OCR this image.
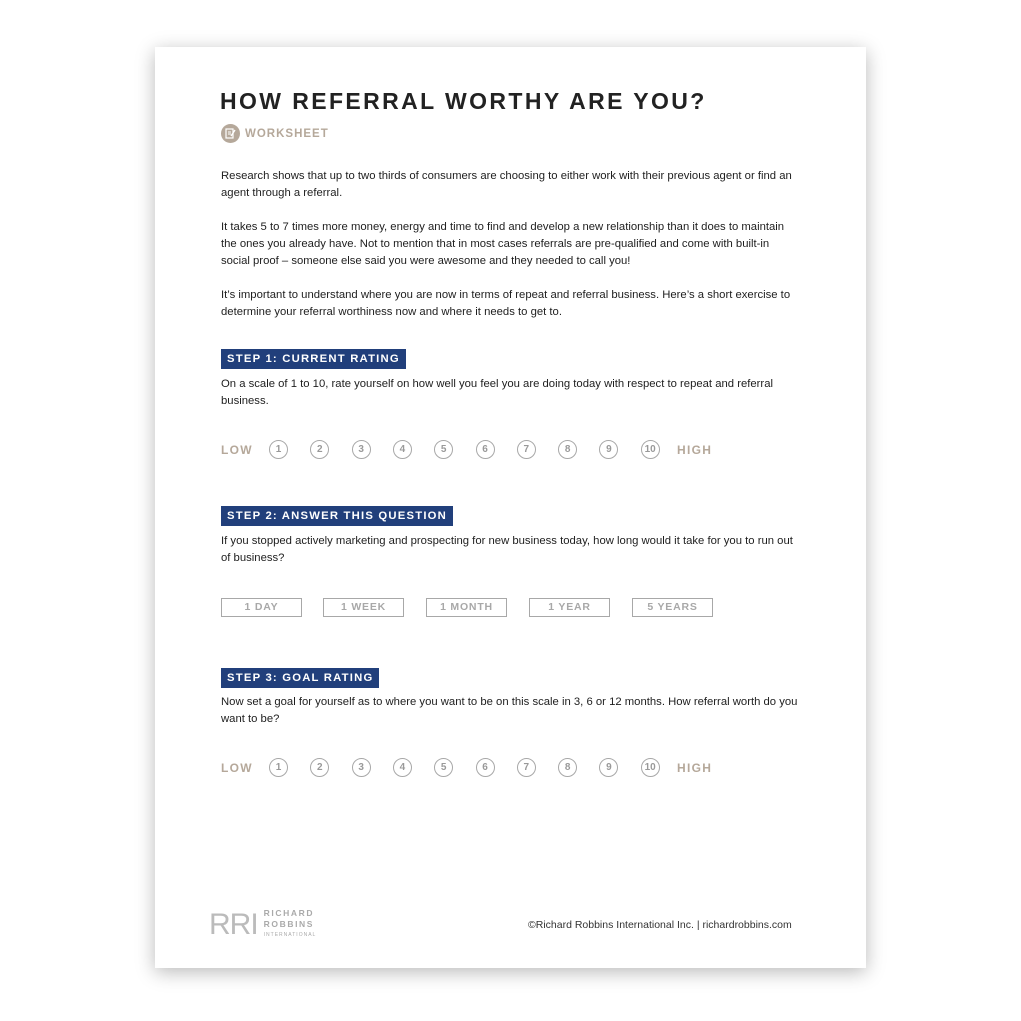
HOW REFERRAL WORTHY ARE YOU?
WORKSHEET
Research shows that up to two thirds of consumers are choosing to either work with their previous agent or find an agent through a referral.
It takes 5 to 7 times more money, energy and time to find and develop a new relationship than it does to maintain the ones you already have. Not to mention that in most cases referrals are pre-qualified and come with built-in social proof – someone else said you were awesome and they needed to call you!
It’s important to understand where you are now in terms of repeat and referral business. Here’s a short exercise to determine your referral worthiness now and where it needs to get to.
STEP 1: CURRENT RATING
On a scale of 1 to 10, rate yourself on how well you feel you are doing today with respect to repeat and referral business.
LOW	HIGH
1	2	3	4	5	6	7	8	9	10
STEP 2: ANSWER THIS QUESTION
If you stopped actively marketing and prospecting for new business today, how long would it take for you to run out of business?
1 DAY	1 WEEK	1 MONTH	1 YEAR	5 YEARS
STEP 3: GOAL RATING
Now set a goal for yourself as to where you want to be on this scale in 3, 6 or 12 months. How referral worth do you want to be?
LOW	HIGH
1	2	3	4	5	6	7	8	9	10
RRI RICHARD
ROBBINS
INTERNATIONAL
©Richard Robbins International Inc. | richardrobbins.com
